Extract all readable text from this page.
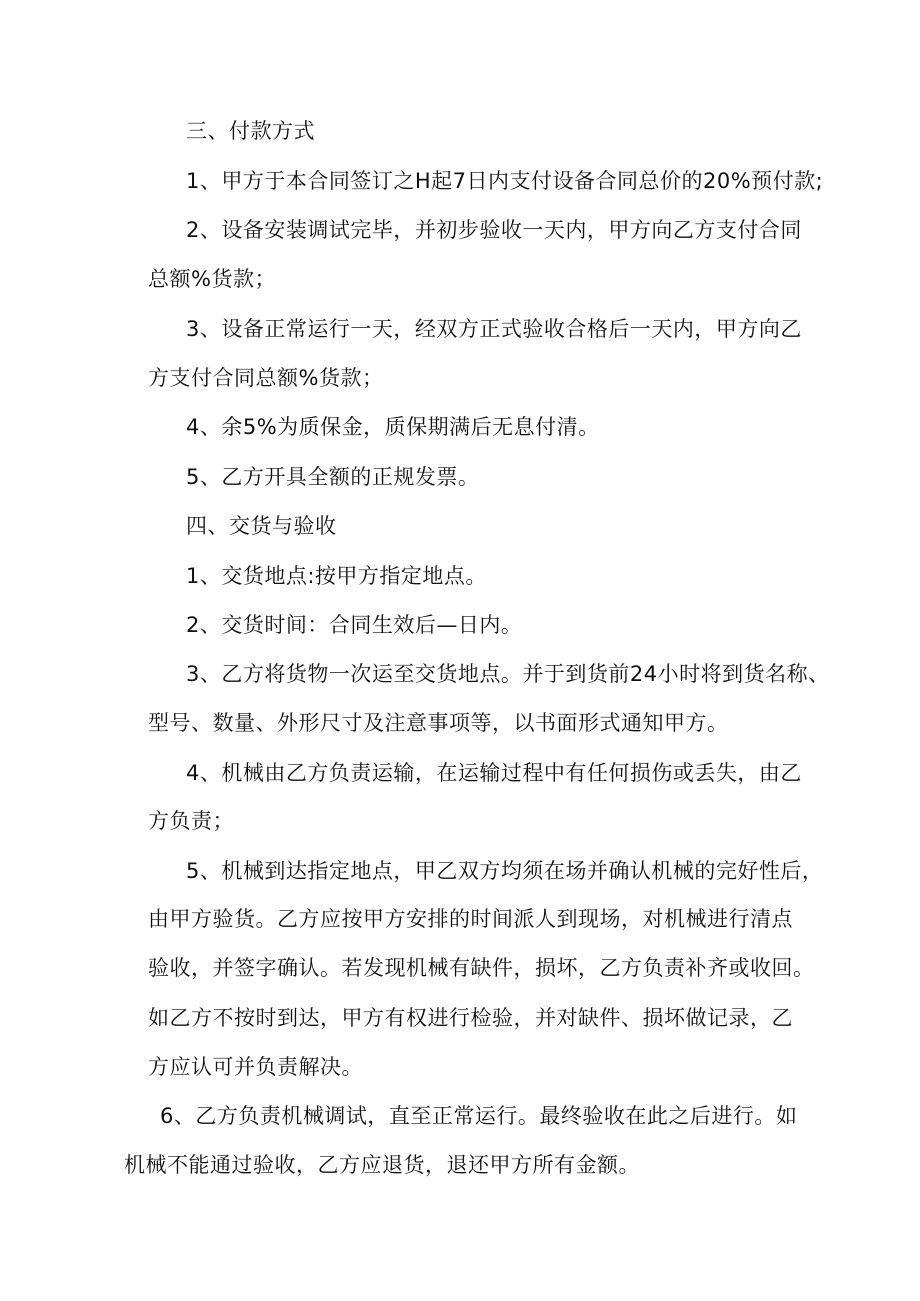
三、付款方式
1、甲方于本合同签订之H起7日内支付设备合同总价的20%预付款;
2、设备安装调试完毕，并初步验收一天内，甲方向乙方支付合同
总额%货款；
3、设备正常运行一天，经双方正式验收合格后一天内，甲方向乙
方支付合同总额%货款；
4、余5%为质保金，质保期满后无息付清。
5、乙方开具全额的正规发票。
四、交货与验收
1、交货地点:按甲方指定地点。
2、交货时间：合同生效后—日内。
3、乙方将货物一次运至交货地点。并于到货前24小时将到货名称、
型号、数量、外形尺寸及注意事项等，以书面形式通知甲方。
4、机械由乙方负责运输，在运输过程中有任何损伤或丢失，由乙
方负责；
5、机械到达指定地点，甲乙双方均须在场并确认机械的完好性后，
由甲方验货。乙方应按甲方安排的时间派人到现场，对机械进行清点
验收，并签字确认。若发现机械有缺件，损坏，乙方负责补齐或收回。
如乙方不按时到达，甲方有权进行检验，并对缺件、损坏做记录，乙
方应认可并负责解决。
6、乙方负责机械调试，直至正常运行。最终验收在此之后进行。如
机械不能通过验收，乙方应退货，退还甲方所有金额。
